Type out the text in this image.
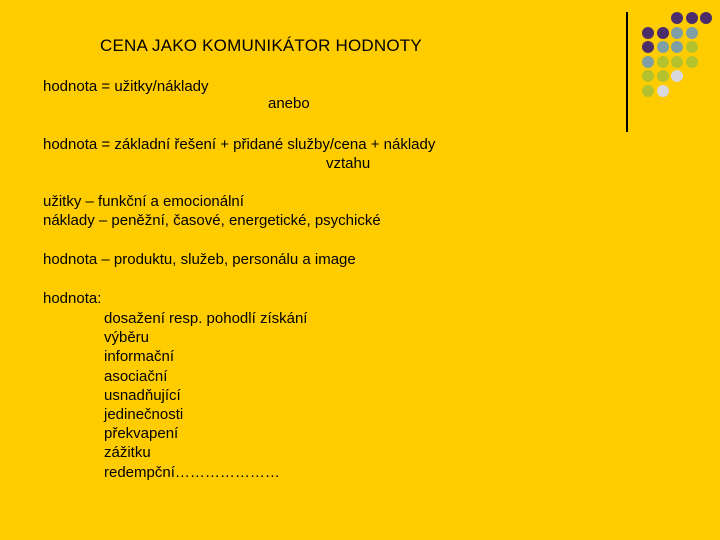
CENA JAKO KOMUNIKÁTOR HODNOTY
hodnota = užitky/náklady
anebo
hodnota = základní řešení + přidané služby/cena + náklady
vztahu
užitky – funkční a emocionální
náklady – peněžní, časové, energetické, psychické
hodnota – produktu, služeb, personálu a image
hodnota:
dosažení resp. pohodlí získání
výběru
informační
asociační
usnadňující
jedinečnosti
překvapení
zážitku
redempční…………………
